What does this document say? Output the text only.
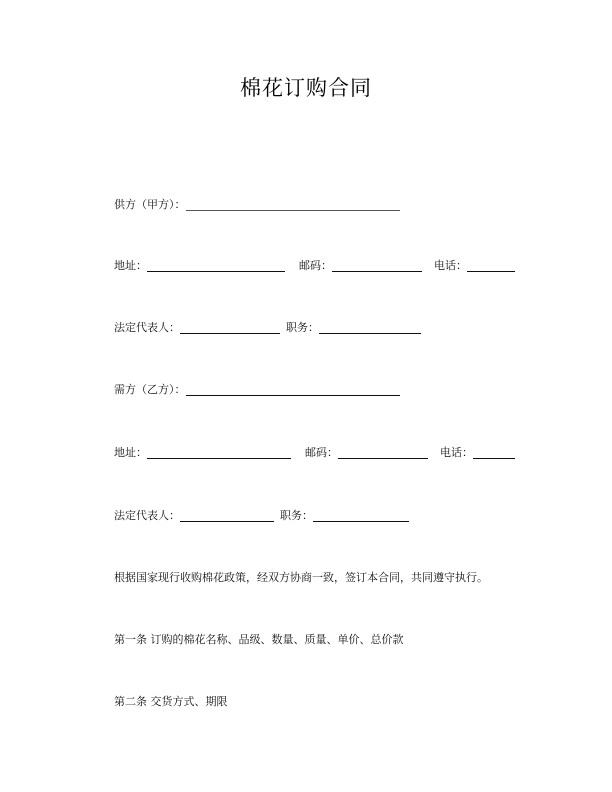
棉花订购合同
供方（甲方）：
地址：	邮码：	电话：
法定代表人：	职务：
需方（乙方）：
地址：	邮码：	电话：
法定代表人：	职务：
根据国家现行收购棉花政策，经双方协商一致，签订本合同，共同遵守执行。
第一条 订购的棉花名称、品级、数量、质量、单价、总价款
第二条 交货方式、期限
